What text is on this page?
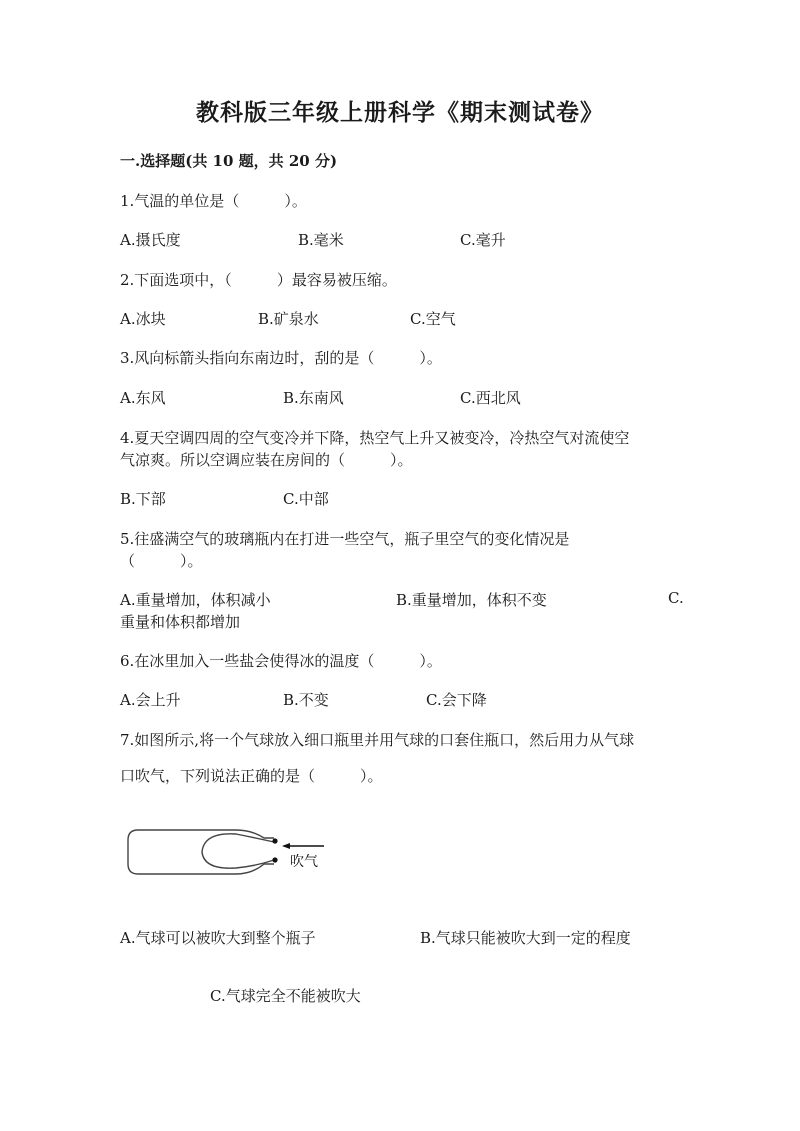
教科版三年级上册科学《期末测试卷》
一.选择题(共 10 题，共 20 分)
1.气温的单位是（　　　）。
A.摄氏度	B.毫米	C.毫升
2.下面选项中，（　　　）最容易被压缩。
A.冰块	B.矿泉水	C.空气
3.风向标箭头指向东南边时，刮的是（　　　）。
A.东风	B.东南风	C.西北风
4.夏天空调四周的空气变冷并下降，热空气上升又被变冷，冷热空气对流使空
气凉爽。所以空调应装在房间的（　　　）。
B.下部	C.中部
5.往盛满空气的玻璃瓶内在打进一些空气，瓶子里空气的变化情况是
（　　　）。
A.重量增加，体积减小	B.重量增加，体积不变	C.
重量和体积都增加
6.在冰里加入一些盐会使得冰的温度（　　　）。
A.会上升	B.不变	C.会下降
7.如图所示,将一个气球放入细口瓶里并用气球的口套住瓶口，然后用力从气球
口吹气，下列说法正确的是（　　　）。
吹气
A.气球可以被吹大到整个瓶子	B.气球只能被吹大到一定的程度
C.气球完全不能被吹大
